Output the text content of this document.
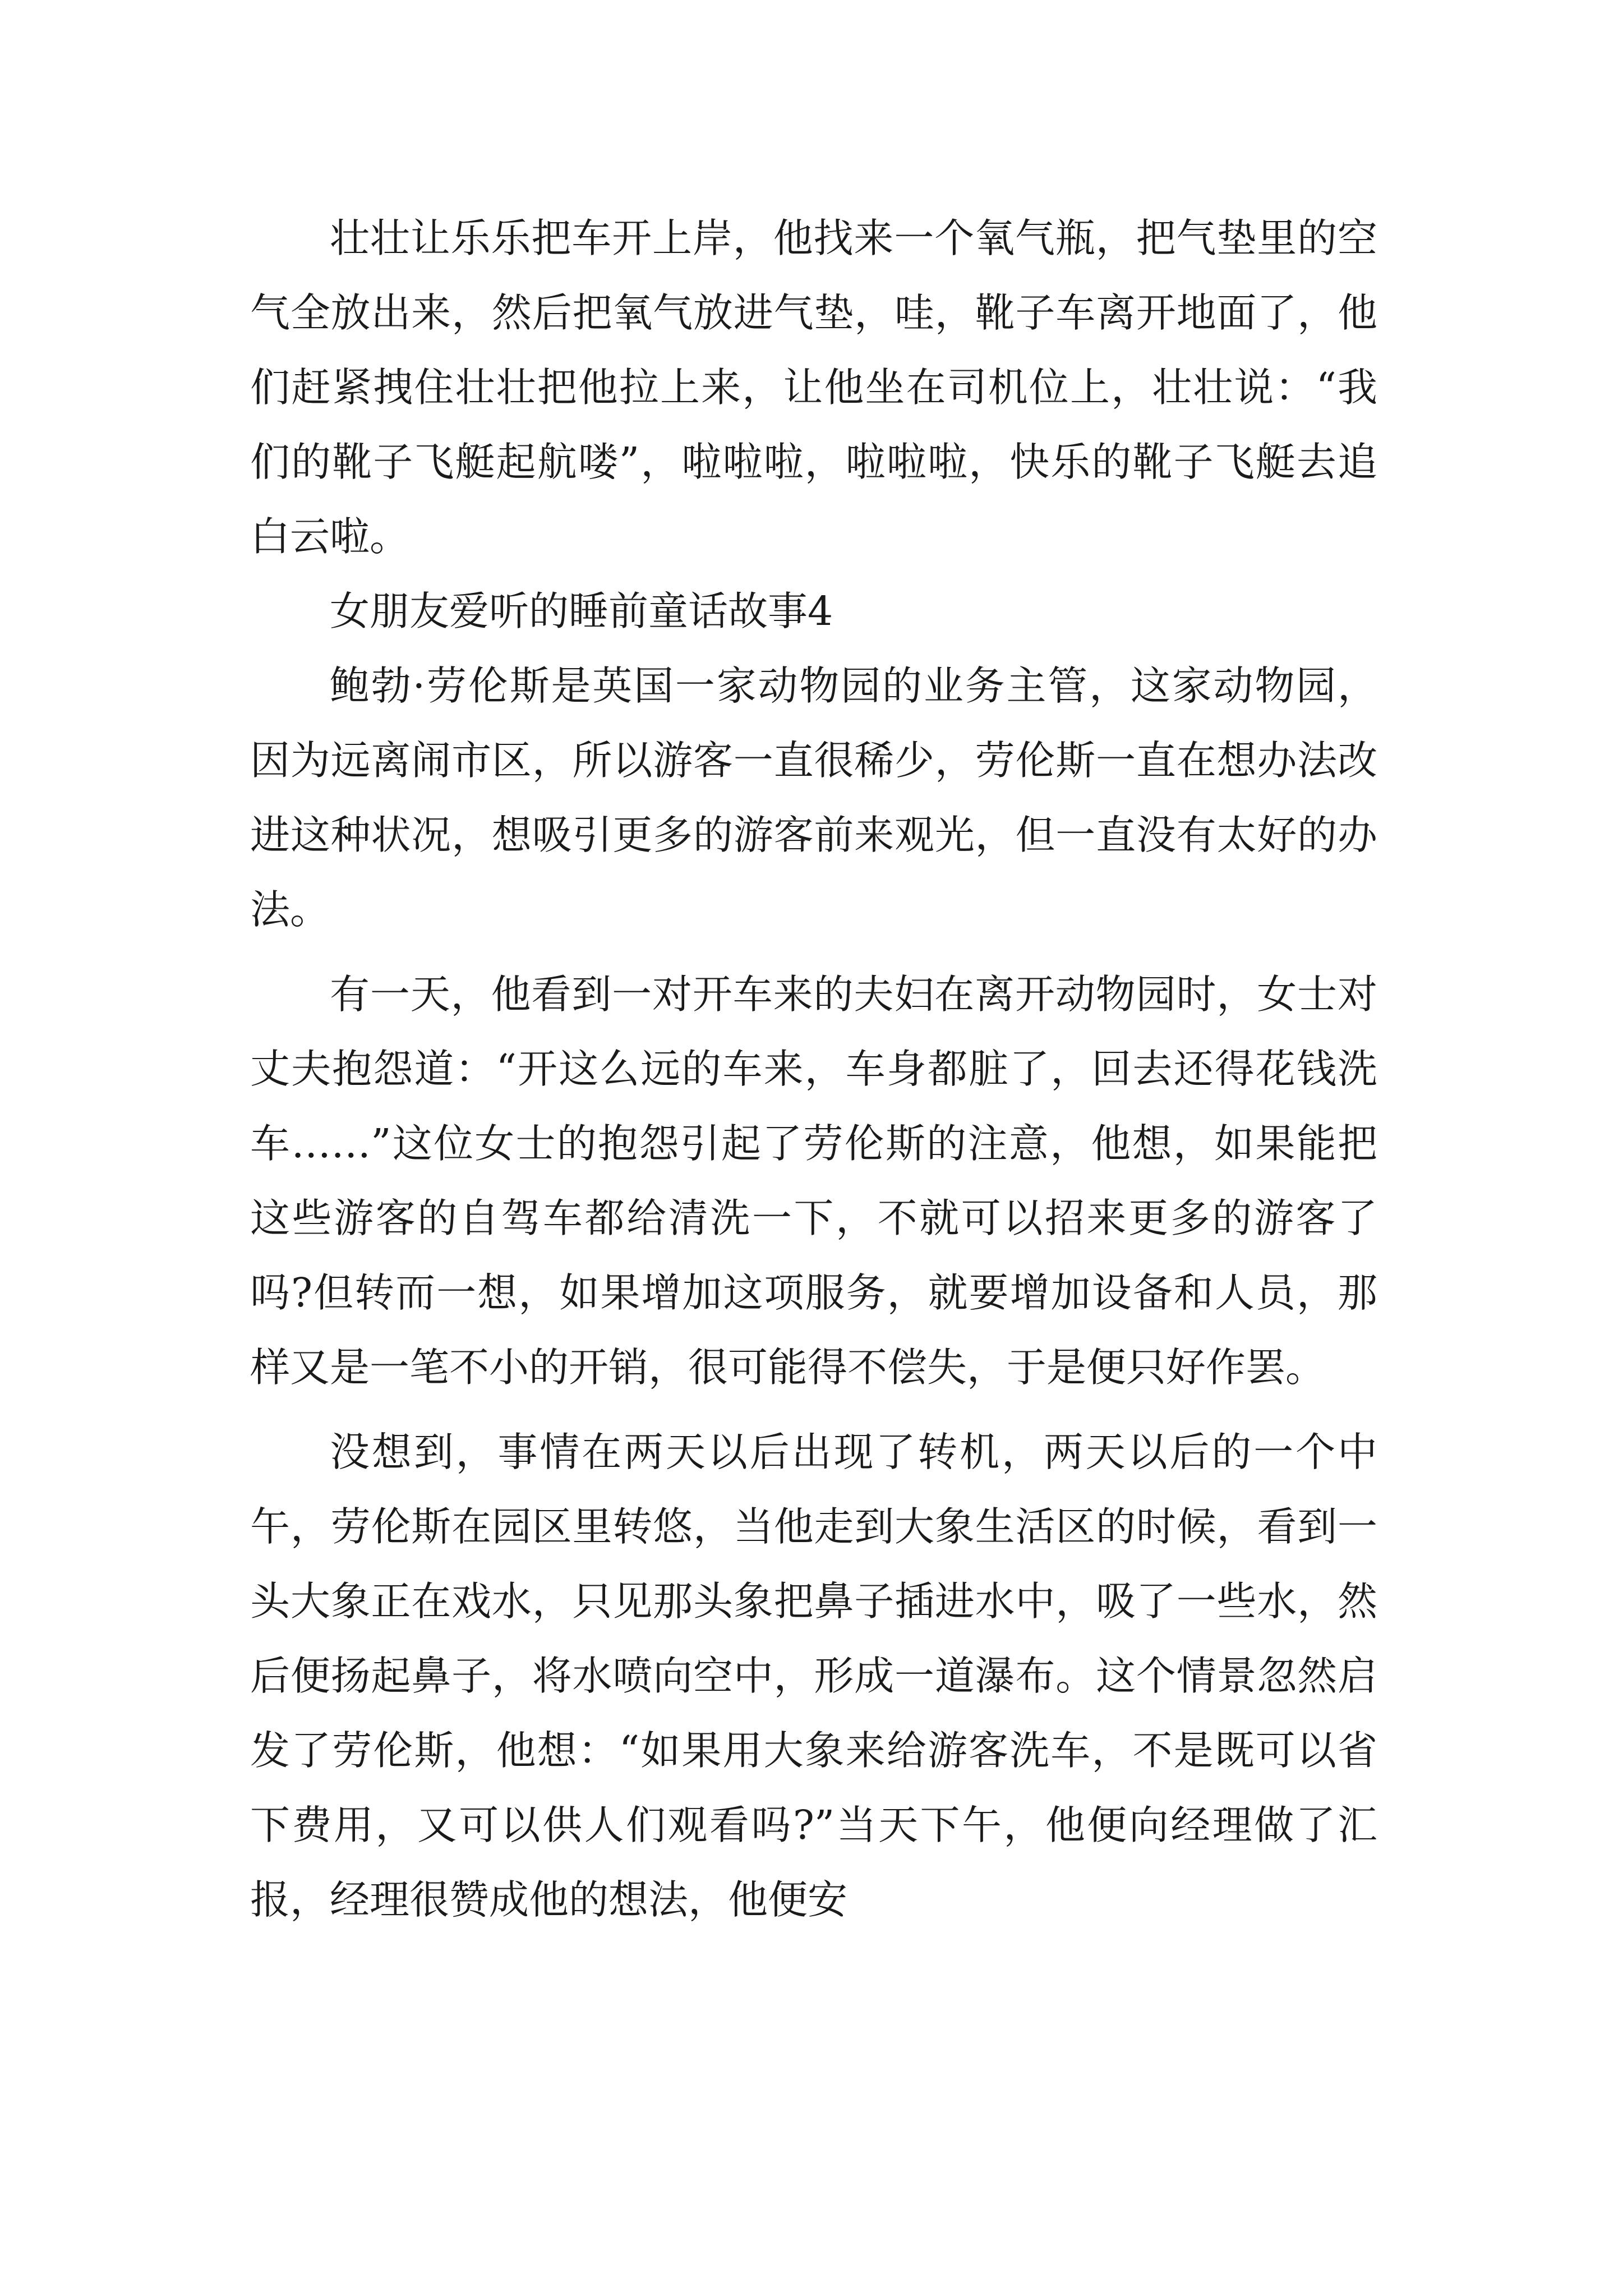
壮壮让乐乐把车开上岸，他找来一个氧气瓶，把气垫里的空气全放出来，然后把氧气放进气垫，哇，靴子车离开地面了，他们赶紧拽住壮壮把他拉上来，让他坐在司机位上，壮壮说：“我们的靴子飞艇起航喽”，啦啦啦，啦啦啦，快乐的靴子飞艇去追白云啦。

女朋友爱听的睡前童话故事4

鲍勃·劳伦斯是英国一家动物园的业务主管，这家动物园，因为远离闹市区，所以游客一直很稀少，劳伦斯一直在想办法改进这种状况，想吸引更多的游客前来观光，但一直没有太好的办法。

有一天，他看到一对开车来的夫妇在离开动物园时，女士对丈夫抱怨道：“开这么远的车来，车身都脏了，回去还得花钱洗车……”这位女士的抱怨引起了劳伦斯的注意，他想，如果能把这些游客的自驾车都给清洗一下，不就可以招来更多的游客了吗?但转而一想，如果增加这项服务，就要增加设备和人员，那样又是一笔不小的开销，很可能得不偿失，于是便只好作罢。

没想到，事情在两天以后出现了转机，两天以后的一个中午，劳伦斯在园区里转悠，当他走到大象生活区的时候，看到一头大象正在戏水，只见那头象把鼻子插进水中，吸了一些水，然后便扬起鼻子，将水喷向空中，形成一道瀑布。这个情景忽然启发了劳伦斯，他想：“如果用大象来给游客洗车，不是既可以省下费用，又可以供人们观看吗?”当天下午，他便向经理做了汇报，经理很赞成他的想法，他便安
